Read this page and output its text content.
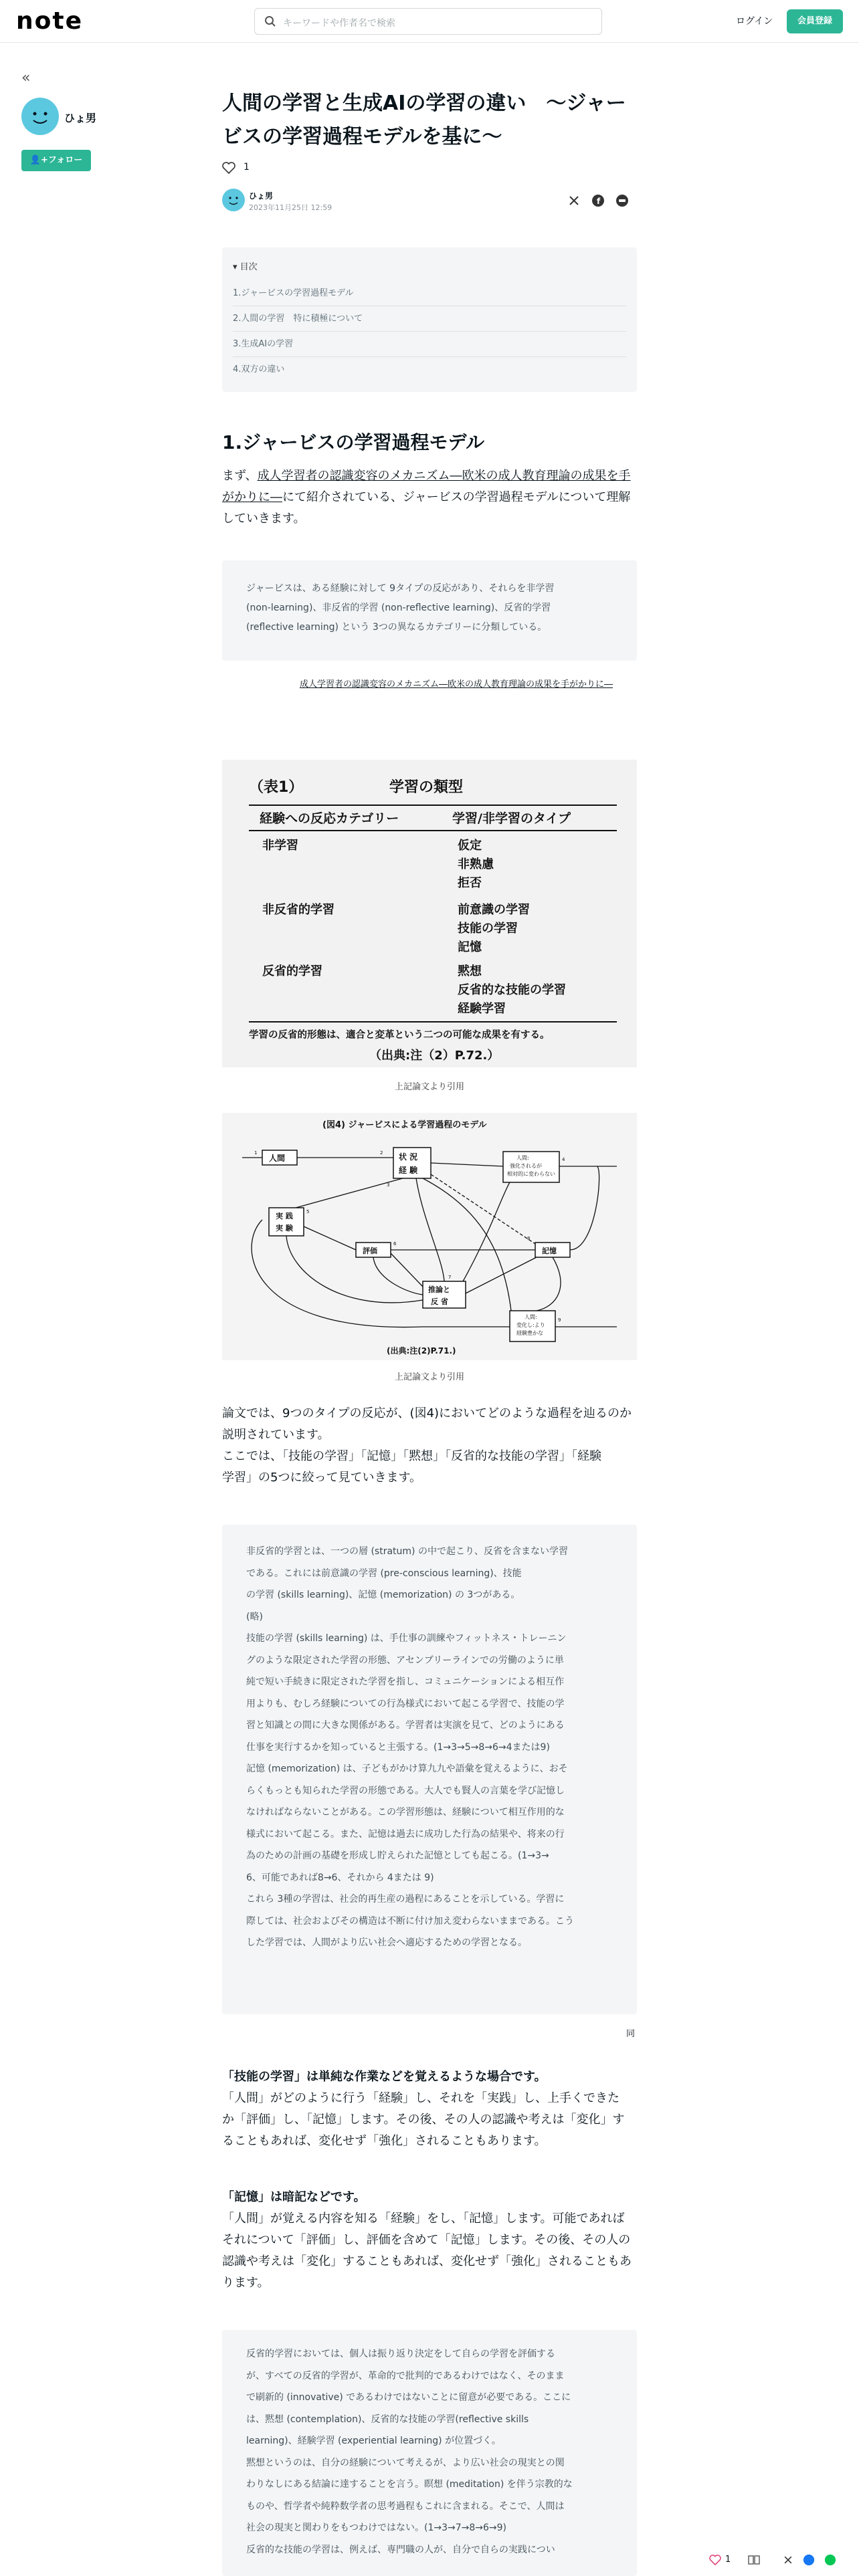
note	キーワードや作者名で検索	ログイン	会員登録
«
ひょ男
👤+フォロー
人間の学習と生成AIの学習の違い　～ジャービスの学習過程モデルを基に～
1
ひょ男
2023年11月25日 12:59
f
▾ 目次
1.ジャービスの学習過程モデル
2.人間の学習　特に積極について
3.生成AIの学習
4.双方の違い
1.ジャービスの学習過程モデル
まず、成人学習者の認識変容のメカニズム―欧米の成人教育理論の成果を手がかりに―にて紹介されている、ジャービスの学習過程モデルについて理解していきます。
ジャービスは、ある経験に対して 9タイプの反応があり、それらを非学習
(non-learning)、非反省的学習 (non-reflective learning)、反省的学習
(reflective learning) という 3つの異なるカテゴリーに分類している。
成人学習者の認識変容のメカニズム―欧米の成人教育理論の成果を手がかりに―
（表1）	学習の類型
経験への反応カテゴリー	学習/非学習のタイプ
非学習	仮定
非熟慮
拒否
非反省的学習	前意識の学習
技能の学習
記憶
反省的学習	黙想
反省的な技能の学習
経験学習
学習の反省的形態は、適合と変革という二つの可能な成果を有する。
（出典:注（2）P.72.）
上記論文より引用
(図4) ジャービスによる学習過程のモデル
人間	状 況
経 験
人間:
強化されるが
相対的に変わらない
実 践
実 験
評価	記憶
推論と
反 省
人間:
変化し:より
経験豊かな
1	2
3
4
5
6
7
8
9
(出典:注(2)P.71.)
上記論文より引用
論文では、9つのタイプの反応が、(図4)においてどのような過程を辿るのか
説明されています。
ここでは、「技能の学習」「記憶」「黙想」「反省的な技能の学習」「経験
学習」の5つに絞って見ていきます。
非反省的学習とは、一つの層 (stratum) の中で起こり、反省を含まない学習
である。これには前意識の学習 (pre-conscious learning)、技能
の学習 (skills learning)、記憶 (memorization) の 3つがある。
(略)
技能の学習 (skills learning) は、手仕事の訓練やフィットネス・トレーニン
グのような限定された学習の形態、アセンブリーラインでの労働のように単
純で短い手続きに限定された学習を指し、コミュニケーションによる相互作
用よりも、むしろ経験についての行為様式において起こる学習で、技能の学
習と知識との間に大きな関係がある。学習者は実演を見て、どのようにある
仕事を実行するかを知っていると主張する。(1→3→5→8→6→4または9)
記憶 (memorization) は、子どもがかけ算九九や語彙を覚えるように、おそ
らくもっとも知られた学習の形態である。大人でも賢人の言葉を学び記憶し
なければならないことがある。この学習形態は、経験について相互作用的な
様式において起こる。また、記憶は過去に成功した行為の結果や、将来の行
為のための計画の基礎を形成し貯えられた記憶としても起こる。(1→3→
6、可能であれば8→6、それから 4または 9)
これら 3種の学習は、社会的再生産の過程にあることを示している。学習に
際しては、社会およびその構造は不断に付け加え変わらないままである。こう
した学習では、人間がより広い社会へ適応するための学習となる。
同
「技能の学習」は単純な作業などを覚えるような場合です。
「人間」がどのように行う「経験」し、それを「実践」し、上手くできた
か「評価」し、「記憶」します。その後、その人の認識や考えは「変化」す
ることもあれば、変化せず「強化」されることもあります。
「記憶」は暗記などです。
「人間」が覚える内容を知る「経験」をし、「記憶」します。可能であれば
それについて「評価」し、評価を含めて「記憶」します。その後、その人の
認識や考えは「変化」することもあれば、変化せず「強化」されることもあ
ります。
反省的学習においては、個人は振り返り決定をして自らの学習を評価する
が、すべての反省的学習が、革命的で批判的であるわけではなく、そのまま
で刷新的 (innovative) であるわけではないことに留意が必要である。ここに
は、黙想 (contemplation)、反省的な技能の学習(reflective skills
learning)、経験学習 (experiential learning) が位置づく。
黙想というのは、自分の経験について考えるが、より広い社会の現実との関
わりなしにある結論に達することを言う。瞑想 (meditation) を伴う宗教的な
ものや、哲学者や純粋数学者の思考過程もこれに含まれる。そこで、人間は
社会の現実と関わりをもつわけではない。(1→3→7→8→6→9)
反省的な技能の学習は、例えば、専門職の人が、自分で自らの実践につい
1
